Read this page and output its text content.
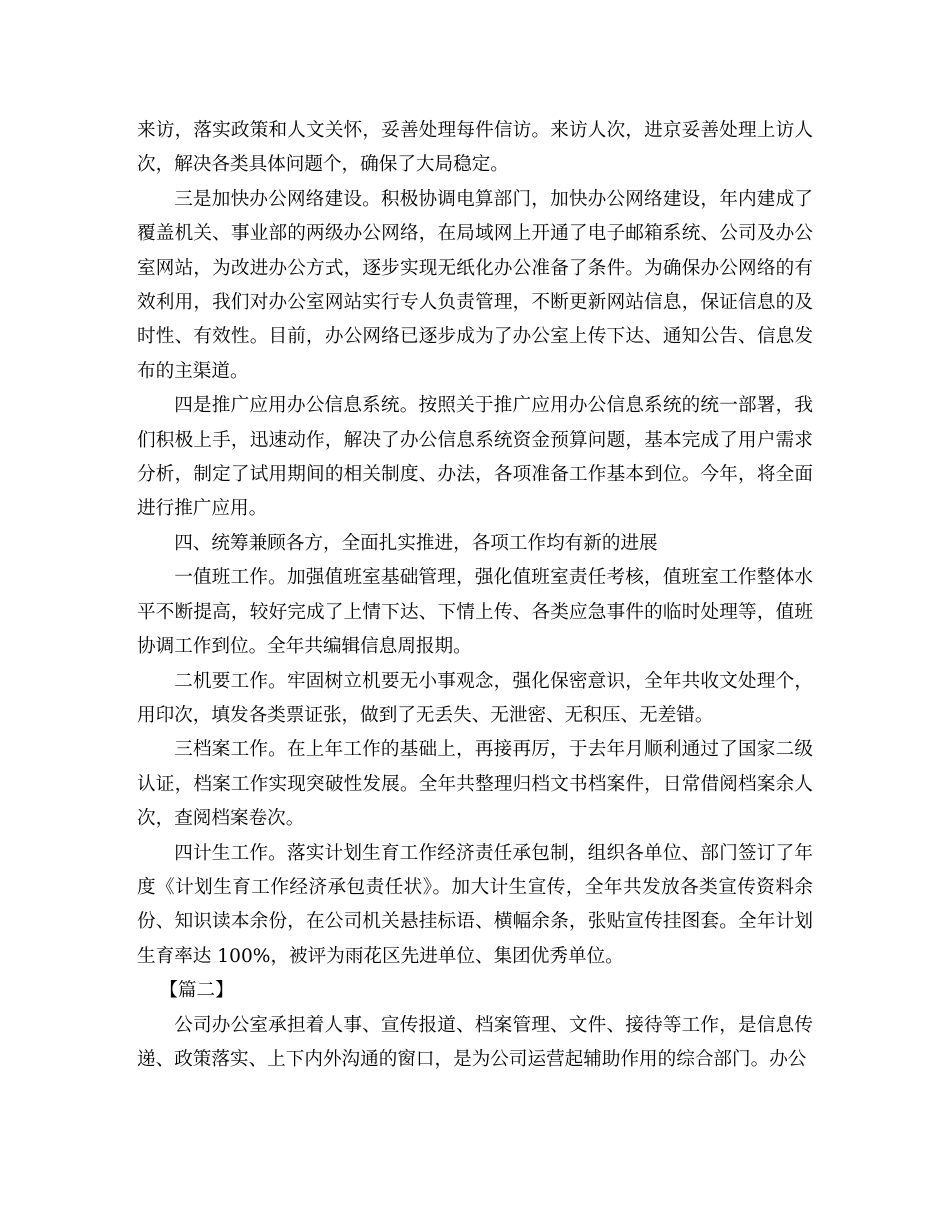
来访，落实政策和人文关怀，妥善处理每件信访。来访人次，进京妥善处理上访人次，解决各类具体问题个，确保了大局稳定。

三是加快办公网络建设。积极协调电算部门，加快办公网络建设，年内建成了覆盖机关、事业部的两级办公网络，在局域网上开通了电子邮箱系统、公司及办公室网站，为改进办公方式，逐步实现无纸化办公准备了条件。为确保办公网络的有效利用，我们对办公室网站实行专人负责管理，不断更新网站信息，保证信息的及时性、有效性。目前，办公网络已逐步成为了办公室上传下达、通知公告、信息发布的主渠道。

四是推广应用办公信息系统。按照关于推广应用办公信息系统的统一部署，我们积极上手，迅速动作，解决了办公信息系统资金预算问题，基本完成了用户需求分析，制定了试用期间的相关制度、办法，各项准备工作基本到位。今年，将全面进行推广应用。

四、统筹兼顾各方，全面扎实推进，各项工作均有新的进展

一值班工作。加强值班室基础管理，强化值班室责任考核，值班室工作整体水平不断提高，较好完成了上情下达、下情上传、各类应急事件的临时处理等，值班协调工作到位。全年共编辑信息周报期。

二机要工作。牢固树立机要无小事观念，强化保密意识，全年共收文处理个，用印次，填发各类票证张，做到了无丢失、无泄密、无积压、无差错。

三档案工作。在上年工作的基础上，再接再厉，于去年月顺利通过了国家二级认证，档案工作实现突破性发展。全年共整理归档文书档案件，日常借阅档案余人次，查阅档案卷次。

四计生工作。落实计划生育工作经济责任承包制，组织各单位、部门签订了年度《计划生育工作经济承包责任状》。加大计生宣传，全年共发放各类宣传资料余份、知识读本余份，在公司机关悬挂标语、横幅余条，张贴宣传挂图套。全年计划生育率达 100%，被评为雨花区先进单位、集团优秀单位。

【篇二】

公司办公室承担着人事、宣传报道、档案管理、文件、接待等工作，是信息传递、政策落实、上下内外沟通的窗口，是为公司运营起辅助作用的综合部门。办公
